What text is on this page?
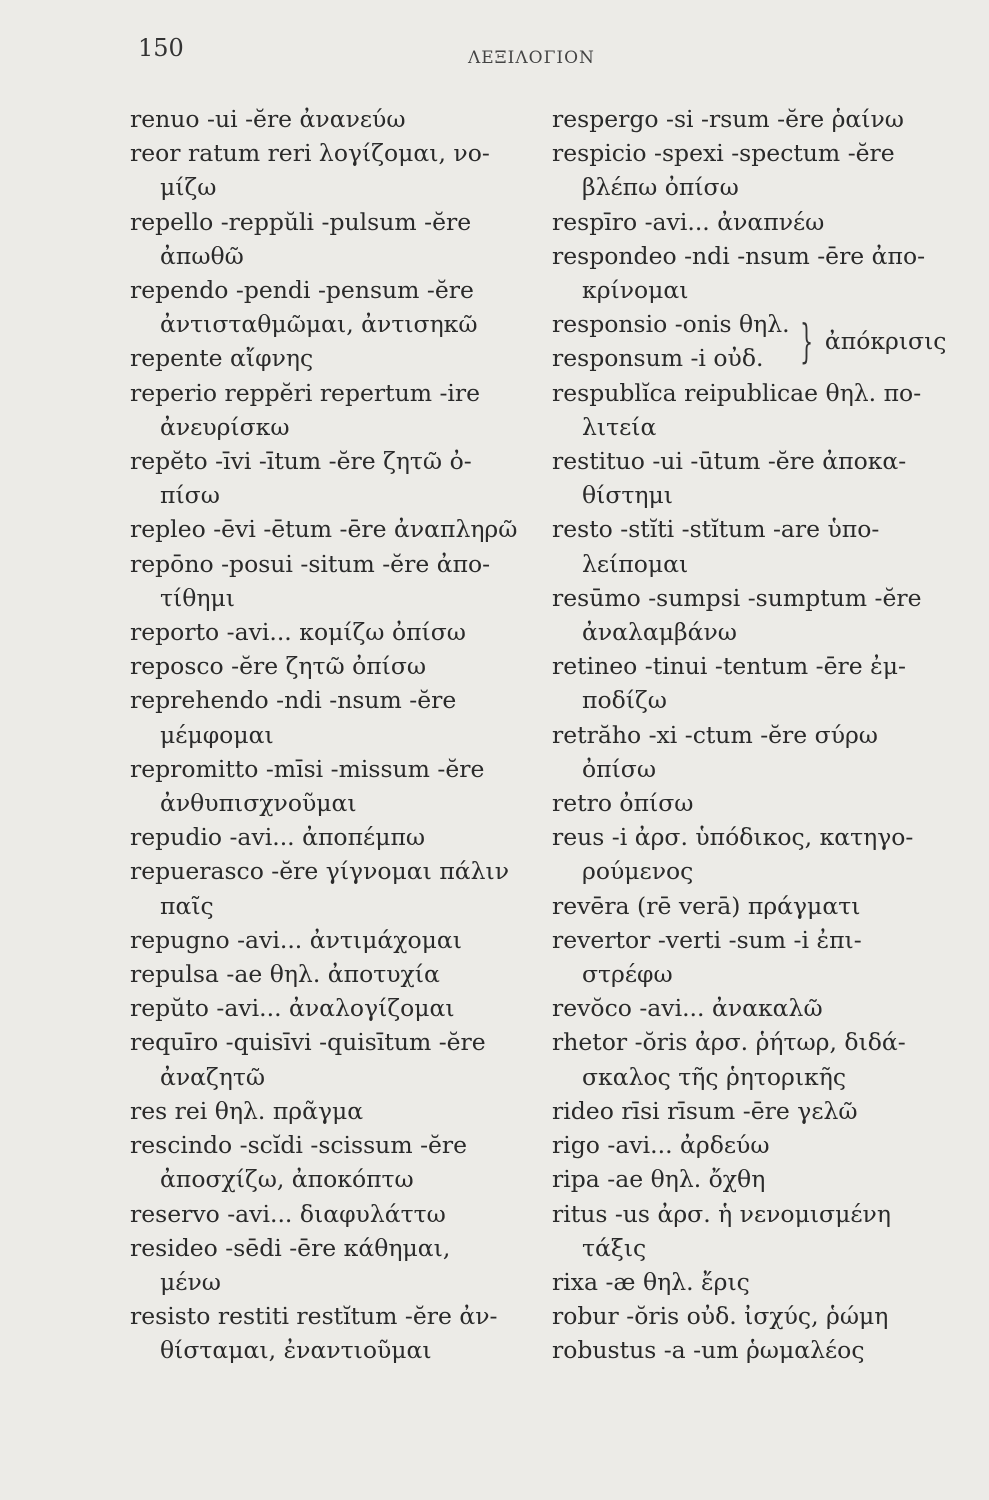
150	ΛΕΞΙΛΟΓΙΟΝ
renuo -ui -ĕre ἀνανεύω
reor ratum reri λογίζομαι, νο-
μίζω
repello -reppŭli -pulsum -ĕre
ἀπωθῶ
rependo -pendi -pensum -ĕre
ἀντισταθμῶμαι, ἀντισηκῶ
repente αἴφνης
reperio reppĕri repertum -ire
ἀνευρίσκω
repĕto -īvi -ītum -ĕre ζητῶ ὀ-
πίσω
repleo -ēvi -ētum -ēre ἀναπληρῶ
repōno -posui -situm -ĕre ἀπο-
τίθημι
reporto -avi... κομίζω ὀπίσω
reposco -ĕre ζητῶ ὀπίσω
reprehendo -ndi -nsum -ĕre
μέμφομαι
repromitto -mīsi -missum -ĕre
ἀνθυπισχνοῦμαι
repudio -avi... ἀποπέμπω
repuerasco -ĕre γίγνομαι πάλιν
παῖς
repugno -avi... ἀντιμάχομαι
repulsa -ae θηλ. ἀποτυχία
repŭto -avi... ἀναλογίζομαι
requīro -quisīvi -quisītum -ĕre
ἀναζητῶ
res rei θηλ. πρᾶγμα
rescindo -scĭdi -scissum -ĕre
ἀποσχίζω, ἀποκόπτω
reservo -avi... διαφυλάττω
resideo -sēdi -ēre κάθημαι,
μένω
resisto restiti restĭtum -ĕre ἀν-
θίσταμαι, ἐναντιοῦμαι
respergo -si -rsum -ĕre ῥαίνω
respicio -spexi -spectum -ĕre
βλέπω ὀπίσω
respīro -avi... ἀναπνέω
respondeo -ndi -nsum -ēre ἀπο-
κρίνομαι
responsio -onis θηλ.
responsum -i οὐδ. } ἀπόκρισις
respublĭca reipublicae θηλ. πο-
λιτεία
restituo -ui -ūtum -ĕre ἀποκα-
θίστημι
resto -stĭti -stĭtum -are ὑπο-
λείπομαι
resūmo -sumpsi -sumptum -ĕre
ἀναλαμβάνω
retineo -tinui -tentum -ēre ἐμ-
ποδίζω
retrăho -xi -ctum -ĕre σύρω
ὀπίσω
retro ὀπίσω
reus -i ἀρσ. ὑπόδικος, κατηγο-
ρούμενος
revēra (rē verā) πράγματι
revertor -verti -sum -i ἐπι-
στρέφω
revŏco -avi... ἀνακαλῶ
rhetor -ŏris ἀρσ. ῥήτωρ, διδά-
σκαλος τῆς ῥητορικῆς
rideo rīsi rīsum -ēre γελῶ
rigo -avi... ἀρδεύω
ripa -ae θηλ. ὄχθη
ritus -us ἀρσ. ἡ νενομισμένη
τάξις
rixa -æ θηλ. ἔρις
robur -ŏris οὐδ. ἰσχύς, ῥώμη
robustus -a -um ῥωμαλέος
